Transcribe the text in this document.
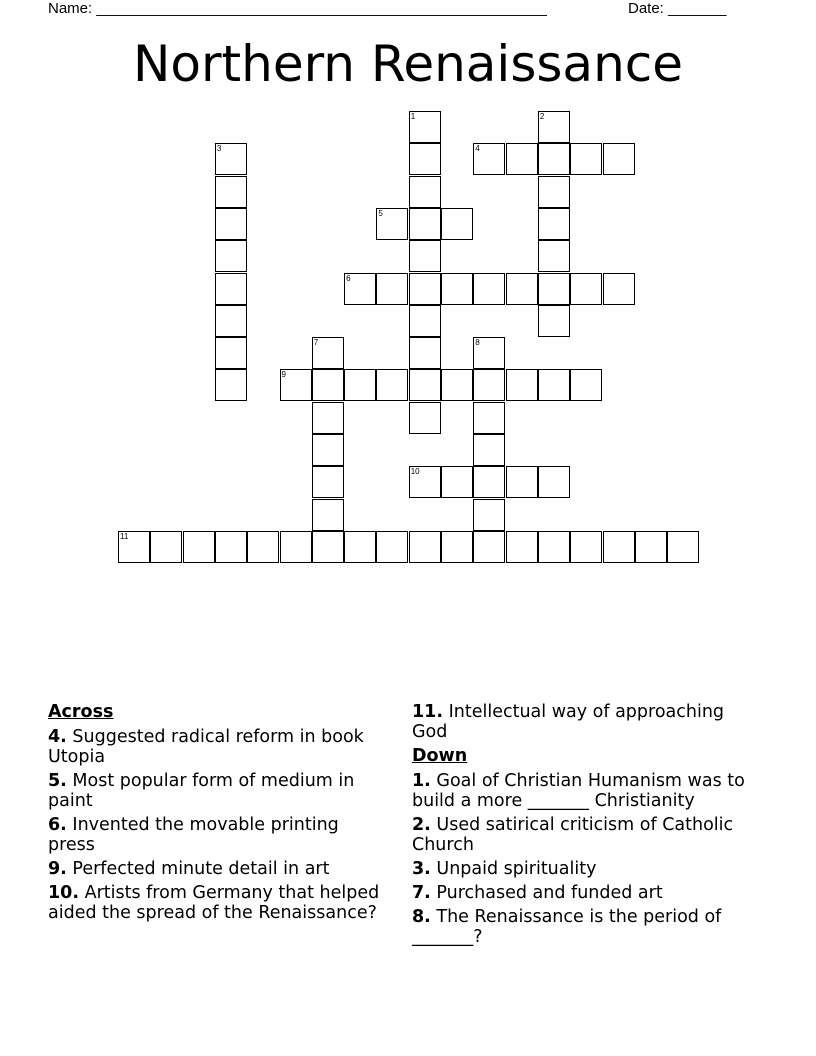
Name: ______________________________________________________	Date: _______
Northern Renaissance
1	2
3	4
5
6
7	8
9
10
11
Across
4. Suggested radical reform in book Utopia
5. Most popular form of medium in paint
6. Invented the movable printing press
9. Perfected minute detail in art
10. Artists from Germany that helped aided the spread of the Renaissance?
11. Intellectual way of approaching God
Down
1. Goal of Christian Humanism was to build a more _______ Christianity
2. Used satirical criticism of Catholic Church
3. Unpaid spirituality
7. Purchased and funded art
8. The Renaissance is the period of _______?
